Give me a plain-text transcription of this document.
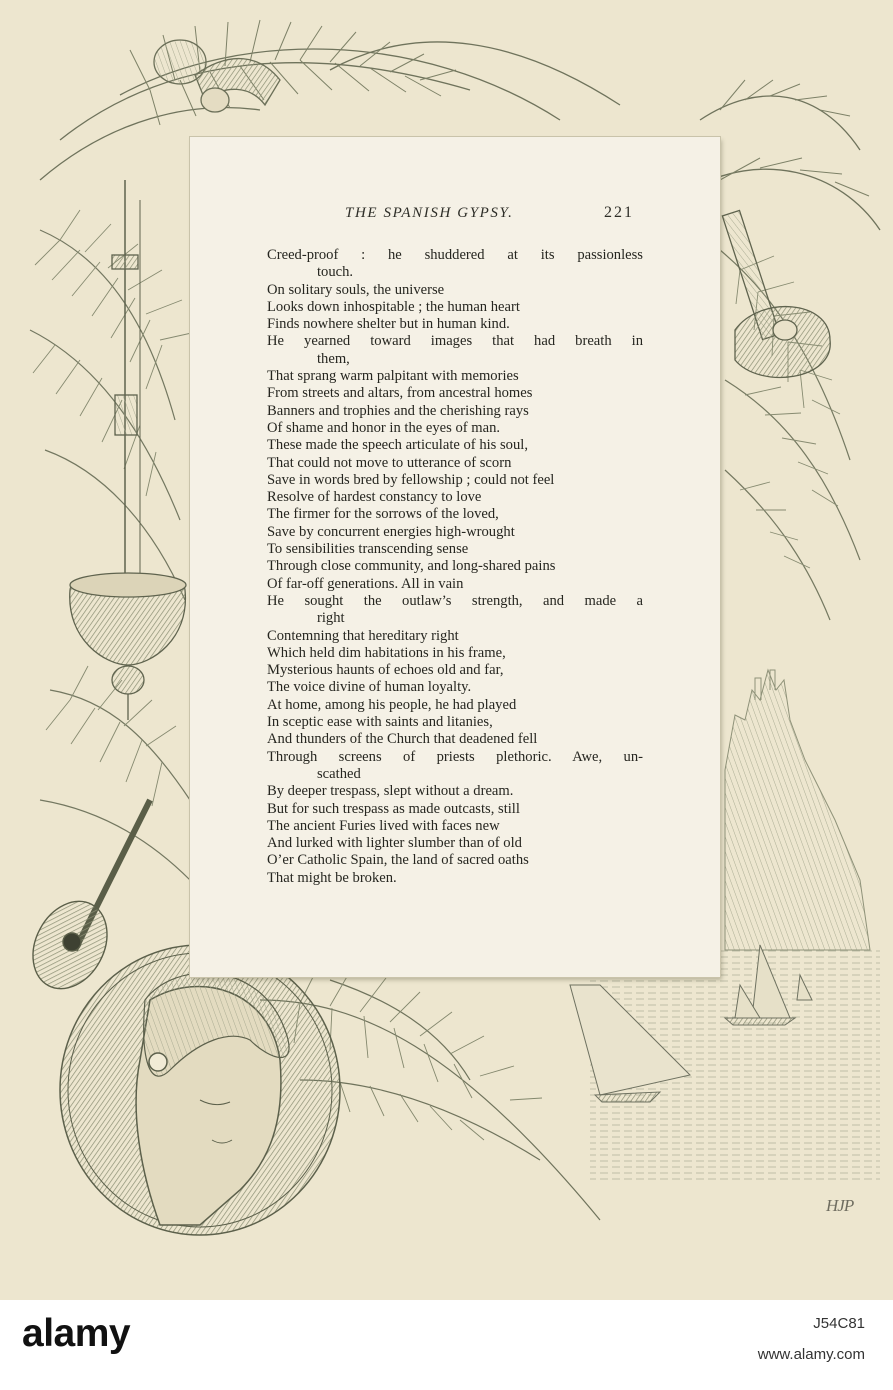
THE SPANISH GYPSY.	221
Creed-proof : he shuddered at its passionless
touch.
On solitary souls, the universe
Looks down inhospitable ; the human heart
Finds nowhere shelter but in human kind.
He yearned toward images that had breath in
them,
That sprang warm palpitant with memories
From streets and altars, from ancestral homes
Banners and trophies and the cherishing rays
Of shame and honor in the eyes of man.
These made the speech articulate of his soul,
That could not move to utterance of scorn
Save in words bred by fellowship ; could not feel
Resolve of hardest constancy to love
The firmer for the sorrows of the loved,
Save by concurrent energies high-wrought
To sensibilities transcending sense
Through close community, and long-shared pains
Of far-off generations. All in vain
He sought the outlaw’s strength, and made a
right
Contemning that hereditary right
Which held dim habitations in his frame,
Mysterious haunts of echoes old and far,
The voice divine of human loyalty.
At home, among his people, he had played
In sceptic ease with saints and litanies,
And thunders of the Church that deadened fell
Through screens of priests plethoric. Awe, un-
scathed
By deeper trespass, slept without a dream.
But for such trespass as made outcasts, still
The ancient Furies lived with faces new
And lurked with lighter slumber than of old
O’er Catholic Spain, the land of sacred oaths
That might be broken.
HJP
alamy	J54C81
www.alamy.com
